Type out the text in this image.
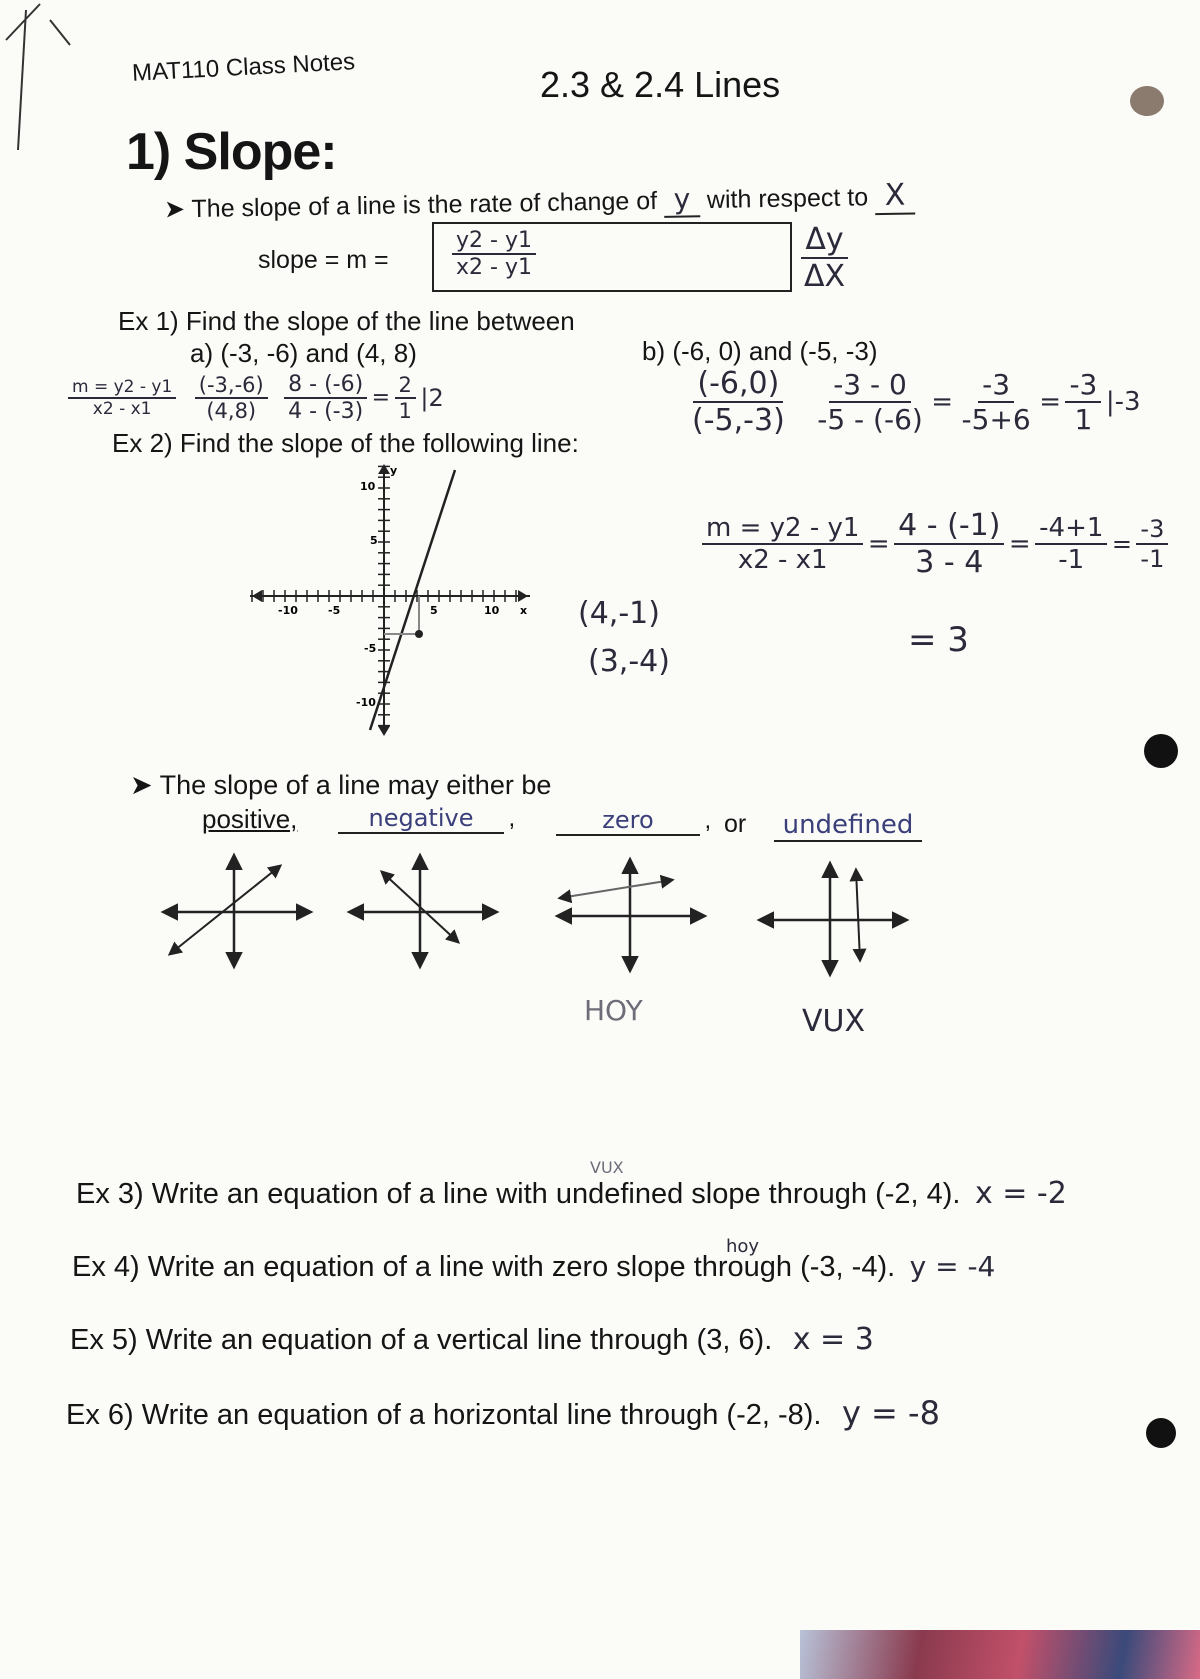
MAT110 Class Notes	2.3 & 2.4 Lines
1) Slope:
➤ The slope of a line is the rate of change of y with respect to X
slope = m =	$\frac{y2 - y1}{x2 - y1}$	$\frac{\Delta y}{\Delta X}$
Ex 1) Find the slope of the line between
a) (-3, -6) and (4, 8)	b) (-6, 0) and (-5, -3)
$\frac{m = y2 - y1}{x2 - x1}$
$\frac{(-3,-6)}{(4,8)}$
$\frac{8 - (-6)}{4 - (-3)} = \frac{2}{1} |2$	$\frac{(-6,0)}{(-5,-3)}$
$\frac{-3 - 0}{-5 - (-6)} = \frac{-3}{-5+6} = \frac{-3}{1} |-3$
Ex 2) Find the slope of the following line:
x
y
-10	-5	5	10
10
5
-5
-10
(4,-1)
(3,-4)
$\frac{m = y2 - y1}{x2 - x1} = \frac{4 - (-1)}{3 - 4} = \frac{-4+1}{-1} = \frac{-3}{-1}$
= 3
➤ The slope of a line may either be
positive,	negative ,	zero , or	undefined
HOY	VUX
Ex 3) Write an equation of a line with undefined slope through (-2, 4). x = -2
VUX
Ex 4) Write an equation of a line with zero slope through (-3, -4). y = -4
hoy
Ex 5) Write an equation of a vertical line through (3, 6). x = 3
Ex 6) Write an equation of a horizontal line through (-2, -8). y = -8
